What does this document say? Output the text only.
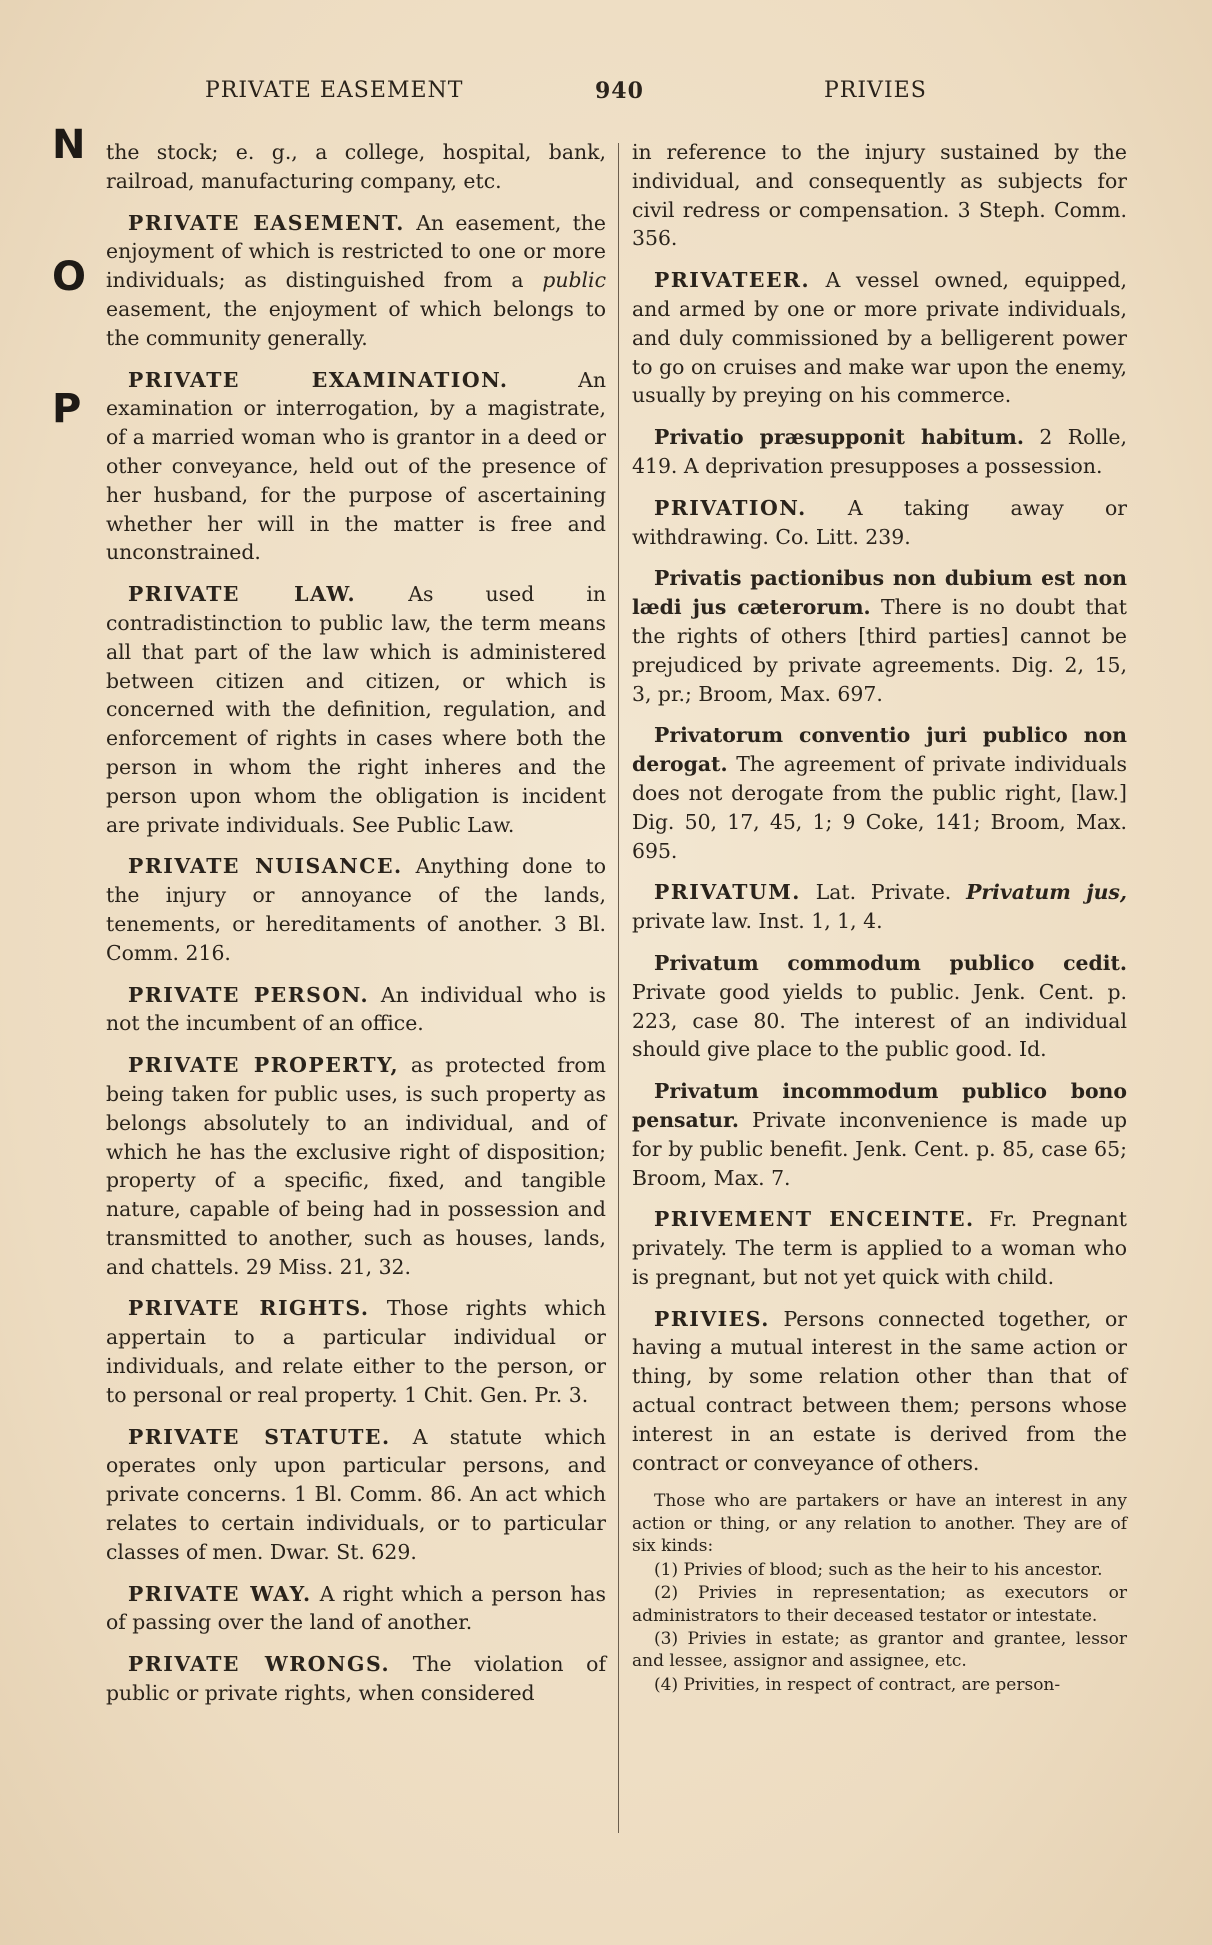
N
O
P
PRIVATE EASEMENT	940	PRIVIES

the stock; e. g., a college, hospital, bank, railroad, manufacturing company, etc.

PRIVATE EASEMENT. An easement, the enjoyment of which is restricted to one or more individuals; as distinguished from a public easement, the enjoyment of which belongs to the community generally.

PRIVATE EXAMINATION. An examination or interrogation, by a magistrate, of a married woman who is grantor in a deed or other conveyance, held out of the presence of her husband, for the purpose of ascertaining whether her will in the matter is free and unconstrained.

PRIVATE LAW. As used in contradistinction to public law, the term means all that part of the law which is administered between citizen and citizen, or which is concerned with the definition, regulation, and enforcement of rights in cases where both the person in whom the right inheres and the person upon whom the obligation is incident are private individuals. See Public Law.

PRIVATE NUISANCE. Anything done to the injury or annoyance of the lands, tenements, or hereditaments of another. 3 Bl. Comm. 216.

PRIVATE PERSON. An individual who is not the incumbent of an office.

PRIVATE PROPERTY, as protected from being taken for public uses, is such property as belongs absolutely to an individual, and of which he has the exclusive right of disposition; property of a specific, fixed, and tangible nature, capable of being had in possession and transmitted to another, such as houses, lands, and chattels. 29 Miss. 21, 32.

PRIVATE RIGHTS. Those rights which appertain to a particular individual or individuals, and relate either to the person, or to personal or real property. 1 Chit. Gen. Pr. 3.

PRIVATE STATUTE. A statute which operates only upon particular persons, and private concerns. 1 Bl. Comm. 86. An act which relates to certain individuals, or to particular classes of men. Dwar. St. 629.

PRIVATE WAY. A right which a person has of passing over the land of another.

PRIVATE WRONGS. The violation of public or private rights, when considered

in reference to the injury sustained by the individual, and consequently as subjects for civil redress or compensation. 3 Steph. Comm. 356.

PRIVATEER. A vessel owned, equipped, and armed by one or more private individuals, and duly commissioned by a belligerent power to go on cruises and make war upon the enemy, usually by preying on his commerce.

Privatio præsupponit habitum. 2 Rolle, 419. A deprivation presupposes a possession.

PRIVATION. A taking away or withdrawing. Co. Litt. 239.

Privatis pactionibus non dubium est non lædi jus cæterorum. There is no doubt that the rights of others [third parties] cannot be prejudiced by private agreements. Dig. 2, 15, 3, pr.; Broom, Max. 697.

Privatorum conventio juri publico non derogat. The agreement of private individuals does not derogate from the public right, [law.] Dig. 50, 17, 45, 1; 9 Coke, 141; Broom, Max. 695.

PRIVATUM. Lat. Private. Privatum jus, private law. Inst. 1, 1, 4.

Privatum commodum publico cedit. Private good yields to public. Jenk. Cent. p. 223, case 80. The interest of an individual should give place to the public good. Id.

Privatum incommodum publico bono pensatur. Private inconvenience is made up for by public benefit. Jenk. Cent. p. 85, case 65; Broom, Max. 7.

PRIVEMENT ENCEINTE. Fr. Pregnant privately. The term is applied to a woman who is pregnant, but not yet quick with child.

PRIVIES. Persons connected together, or having a mutual interest in the same action or thing, by some relation other than that of actual contract between them; persons whose interest in an estate is derived from the contract or conveyance of others.

Those who are partakers or have an interest in any action or thing, or any relation to another. They are of six kinds:

(1) Privies of blood; such as the heir to his ancestor.

(2) Privies in representation; as executors or administrators to their deceased testator or intestate.

(3) Privies in estate; as grantor and grantee, lessor and lessee, assignor and assignee, etc.

(4) Privities, in respect of contract, are person-
